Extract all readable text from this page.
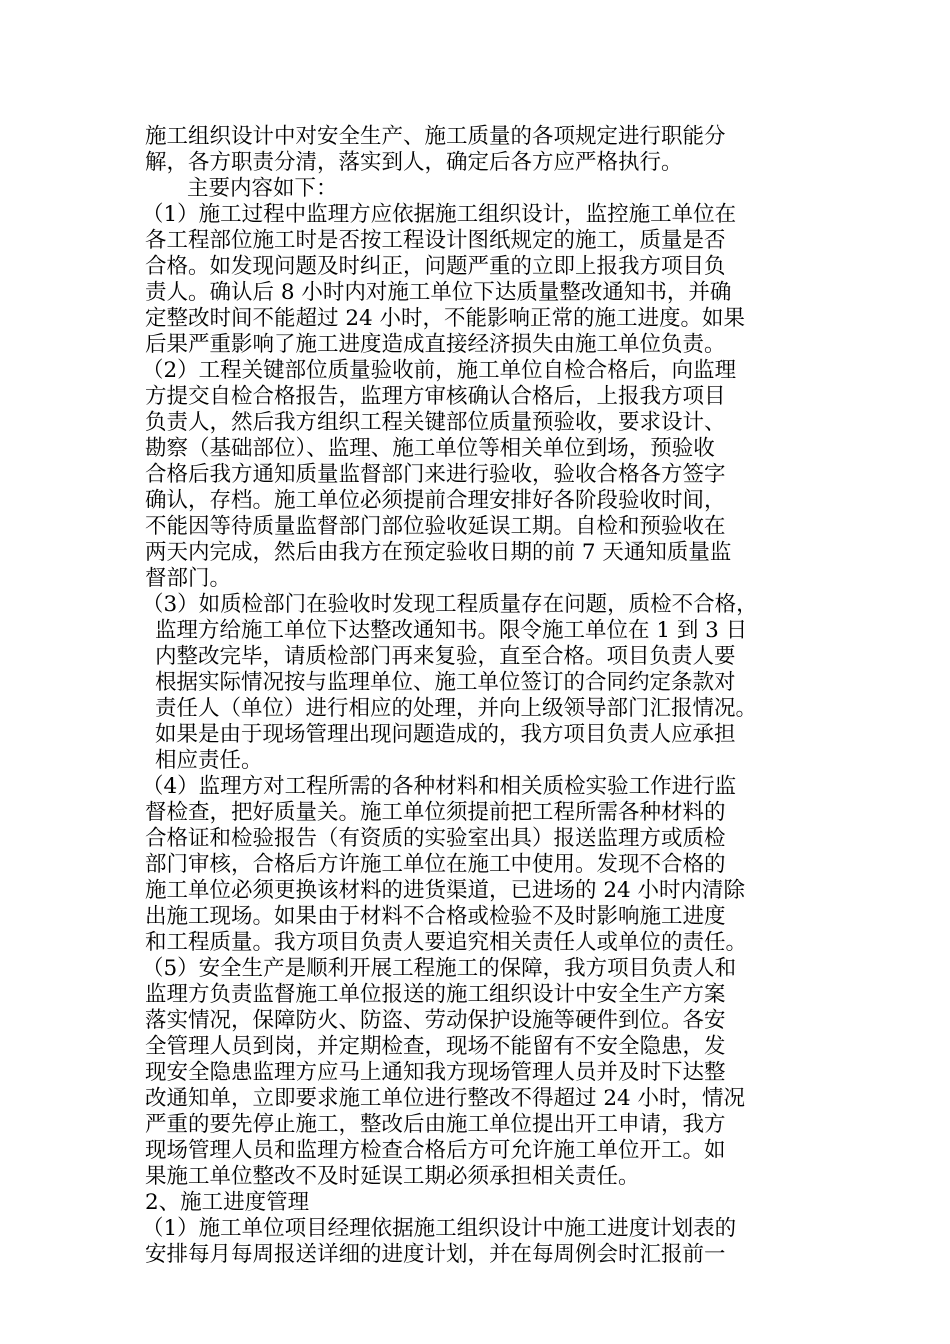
施工组织设计中对安全生产、施工质量的各项规定进行职能分

解，各方职责分清，落实到人，确定后各方应严格执行。

主要内容如下：

（1）施工过程中监理方应依据施工组织设计，监控施工单位在

各工程部位施工时是否按工程设计图纸规定的施工，质量是否

合格。如发现问题及时纠正，问题严重的立即上报我方项目负

责人。确认后 8 小时内对施工单位下达质量整改通知书，并确

定整改时间不能超过 24 小时，不能影响正常的施工进度。如果

后果严重影响了施工进度造成直接经济损失由施工单位负责。

（2）工程关键部位质量验收前，施工单位自检合格后，向监理

方提交自检合格报告，监理方审核确认合格后，上报我方项目

负责人，然后我方组织工程关键部位质量预验收，要求设计、

勘察（基础部位）、监理、施工单位等相关单位到场，预验收

合格后我方通知质量监督部门来进行验收，验收合格各方签字

确认，存档。施工单位必须提前合理安排好各阶段验收时间，

不能因等待质量监督部门部位验收延误工期。自检和预验收在

两天内完成，然后由我方在预定验收日期的前 7 天通知质量监

督部门。

（3）如质检部门在验收时发现工程质量存在问题，质检不合格，

监理方给施工单位下达整改通知书。限令施工单位在 1 到 3 日

内整改完毕，请质检部门再来复验，直至合格。项目负责人要

根据实际情况按与监理单位、施工单位签订的合同约定条款对

责任人（单位）进行相应的处理，并向上级领导部门汇报情况。

如果是由于现场管理出现问题造成的，我方项目负责人应承担

相应责任。

（4）监理方对工程所需的各种材料和相关质检实验工作进行监

督检查，把好质量关。施工单位须提前把工程所需各种材料的

合格证和检验报告（有资质的实验室出具）报送监理方或质检

部门审核，合格后方许施工单位在施工中使用。发现不合格的

施工单位必须更换该材料的进货渠道，已进场的 24 小时内清除

出施工现场。如果由于材料不合格或检验不及时影响施工进度

和工程质量。我方项目负责人要追究相关责任人或单位的责任。

（5）安全生产是顺利开展工程施工的保障，我方项目负责人和

监理方负责监督施工单位报送的施工组织设计中安全生产方案

落实情况，保障防火、防盗、劳动保护设施等硬件到位。各安

全管理人员到岗，并定期检查，现场不能留有不安全隐患，发

现安全隐患监理方应马上通知我方现场管理人员并及时下达整

改通知单，立即要求施工单位进行整改不得超过 24 小时，情况

严重的要先停止施工，整改后由施工单位提出开工申请，我方

现场管理人员和监理方检查合格后方可允许施工单位开工。如

果施工单位整改不及时延误工期必须承担相关责任。

2、施工进度管理

（1）施工单位项目经理依据施工组织设计中施工进度计划表的

安排每月每周报送详细的进度计划，并在每周例会时汇报前一
